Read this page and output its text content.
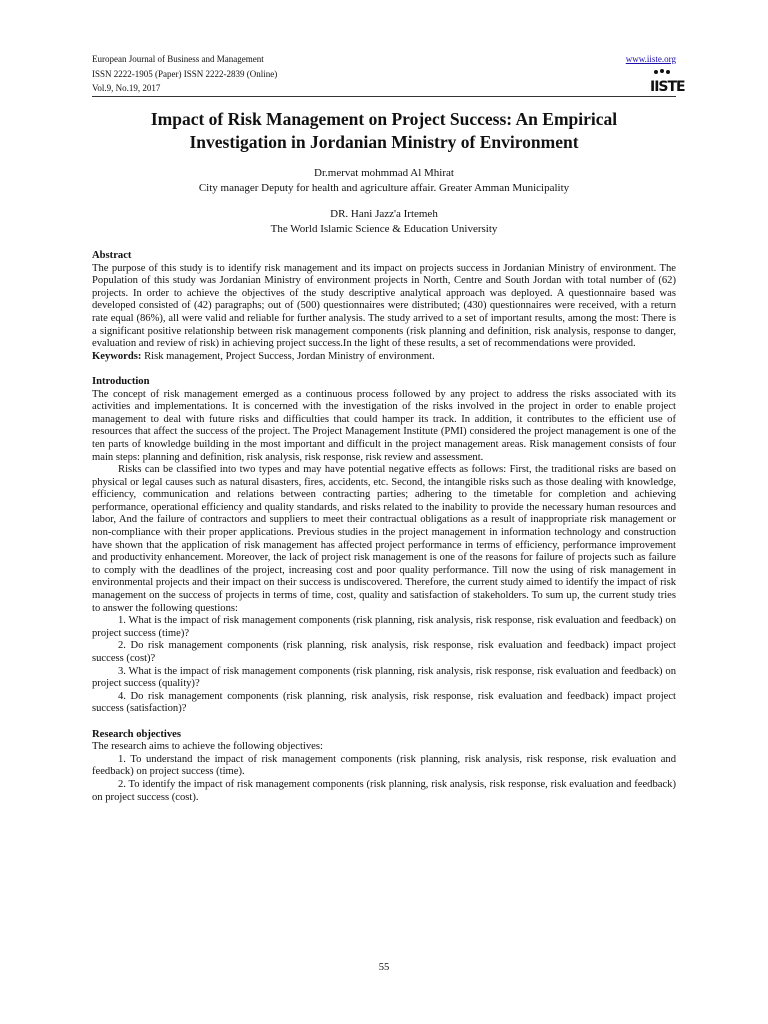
European Journal of Business and Management
ISSN 2222-1905 (Paper) ISSN 2222-2839 (Online)
Vol.9, No.19, 2017
www.iiste.org
IISTE
Impact of Risk Management on Project Success: An Empirical
Investigation in Jordanian Ministry of Environment
Dr.mervat mohmmad Al Mhirat
City manager Deputy for health and agriculture affair. Greater Amman Municipality
DR. Hani Jazz'a Irtemeh
The World Islamic Science & Education University
Abstract

The purpose of this study is to identify risk management and its impact on projects success in Jordanian Ministry of environment. The Population of this study was Jordanian Ministry of environment projects in North, Centre and South Jordan with total number of (62) projects. In order to achieve the objectives of the study descriptive analytical approach was deployed. A questionnaire based was developed consisted of (42) paragraphs; out of (500) questionnaires were distributed; (430) questionnaires were received, with a return rate equal (86%), all were valid and reliable for further analysis. The study arrived to a set of important results, among the most: There is a significant positive relationship between risk management components (risk planning and definition, risk analysis, response to danger, evaluation and review of risk) in achieving project success.In the light of these results, a set of recommendations were provided.

Keywords: Risk management, Project Success, Jordan Ministry of environment.

Introduction

The concept of risk management emerged as a continuous process followed by any project to address the risks associated with its activities and implementations. It is concerned with the investigation of the risks involved in the project in order to enable project management to deal with future risks and difficulties that could hamper its track. In addition, it contributes to the efficient use of resources that affect the success of the project. The Project Management Institute (PMI) considered the project management is one of the ten parts of knowledge building in the most important and difficult in the project management areas. Risk management consists of four main steps: planning and definition, risk analysis, risk response, risk review and assessment.

Risks can be classified into two types and may have potential negative effects as follows: First, the traditional risks are based on physical or legal causes such as natural disasters, fires, accidents, etc. Second, the intangible risks such as those dealing with knowledge, efficiency, communication and relations between contracting parties; adhering to the timetable for completion and achieving performance, operational efficiency and quality standards, and risks related to the inability to provide the necessary human resources and labor, And the failure of contractors and suppliers to meet their contractual obligations as a result of inappropriate risk management or non-compliance with their proper applications. Previous studies in the project management in information technology and construction have shown that the application of risk management has affected project performance in terms of efficiency, performance improvement and productivity enhancement. Moreover, the lack of project risk management is one of the reasons for failure of projects such as failure to comply with the deadlines of the project, increasing cost and poor quality performance. Till now the using of risk management in environmental projects and their impact on their success is undiscovered. Therefore, the current study aimed to identify the impact of risk management on the success of projects in terms of time, cost, quality and satisfaction of stakeholders. To sum up, the current study tries to answer the following questions:

1. What is the impact of risk management components (risk planning, risk analysis, risk response, risk evaluation and feedback) on project success (time)?

2. Do risk management components (risk planning, risk analysis, risk response, risk evaluation and feedback) impact project success (cost)?

3. What is the impact of risk management components (risk planning, risk analysis, risk response, risk evaluation and feedback) on project success (quality)?

4. Do risk management components (risk planning, risk analysis, risk response, risk evaluation and feedback) impact project success (satisfaction)?

Research objectives

The research aims to achieve the following objectives:

1. To understand the impact of risk management components (risk planning, risk analysis, risk response, risk evaluation and feedback) on project success (time).

2. To identify the impact of risk management components (risk planning, risk analysis, risk response, risk evaluation and feedback) on project success (cost).

55
